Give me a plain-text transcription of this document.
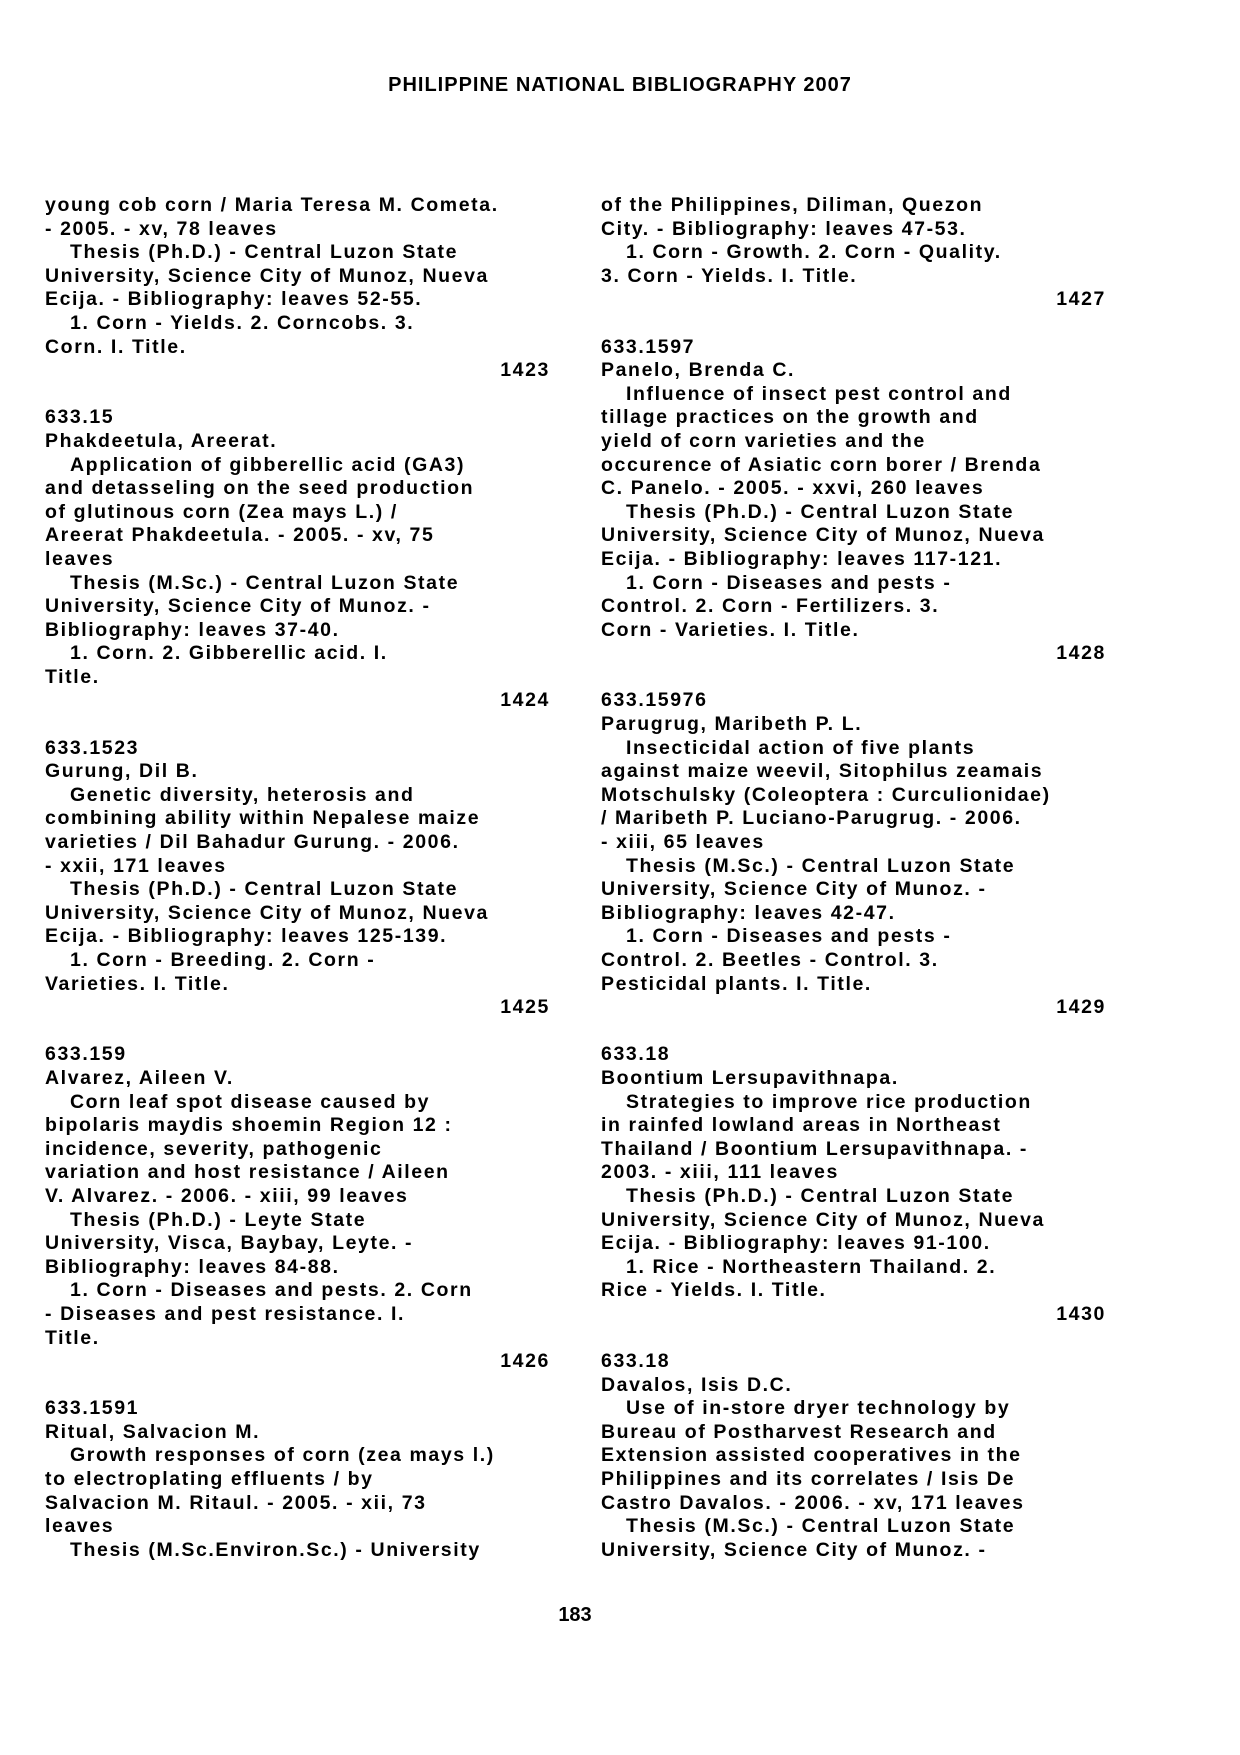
PHILIPPINE NATIONAL BIBLIOGRAPHY 2007
young cob corn / Maria Teresa M. Cometa.
- 2005. - xv, 78 leaves
Thesis (Ph.D.) - Central Luzon State
University, Science City of Munoz, Nueva
Ecija. - Bibliography: leaves 52-55.
1. Corn - Yields. 2. Corncobs. 3.
Corn. I. Title.
1423
633.15
Phakdeetula, Areerat.
Application of gibberellic acid (GA3)
and detasseling on the seed production
of glutinous corn (Zea mays L.) /
Areerat Phakdeetula. - 2005. - xv, 75
leaves
Thesis (M.Sc.) - Central Luzon State
University, Science City of Munoz. -
Bibliography: leaves 37-40.
1. Corn. 2. Gibberellic acid. I.
Title.
1424
633.1523
Gurung, Dil B.
Genetic diversity, heterosis and
combining ability within Nepalese maize
varieties / Dil Bahadur Gurung. - 2006.
- xxii, 171 leaves
Thesis (Ph.D.) - Central Luzon State
University, Science City of Munoz, Nueva
Ecija. - Bibliography: leaves 125-139.
1. Corn - Breeding. 2. Corn -
Varieties. I. Title.
1425
633.159
Alvarez, Aileen V.
Corn leaf spot disease caused by
bipolaris maydis shoemin Region 12 :
incidence, severity, pathogenic
variation and host resistance / Aileen
V. Alvarez. - 2006. - xiii, 99 leaves
Thesis (Ph.D.) - Leyte State
University, Visca, Baybay, Leyte. -
Bibliography: leaves 84-88.
1. Corn - Diseases and pests. 2. Corn
- Diseases and pest resistance. I.
Title.
1426
633.1591
Ritual, Salvacion M.
Growth responses of corn (zea mays l.)
to electroplating effluents / by
Salvacion M. Ritaul. - 2005. - xii, 73
leaves
Thesis (M.Sc.Environ.Sc.) - University
of the Philippines, Diliman, Quezon
City. - Bibliography: leaves 47-53.
1. Corn - Growth. 2. Corn - Quality.
3. Corn - Yields. I. Title.
1427
633.1597
Panelo, Brenda C.
Influence of insect pest control and
tillage practices on the growth and
yield of corn varieties and the
occurence of Asiatic corn borer / Brenda
C. Panelo. - 2005. - xxvi, 260 leaves
Thesis (Ph.D.) - Central Luzon State
University, Science City of Munoz, Nueva
Ecija. - Bibliography: leaves 117-121.
1. Corn - Diseases and pests -
Control. 2. Corn - Fertilizers. 3.
Corn - Varieties. I. Title.
1428
633.15976
Parugrug, Maribeth P. L.
Insecticidal action of five plants
against maize weevil, Sitophilus zeamais
Motschulsky (Coleoptera : Curculionidae)
/ Maribeth P. Luciano-Parugrug. - 2006.
- xiii, 65 leaves
Thesis (M.Sc.) - Central Luzon State
University, Science City of Munoz. -
Bibliography: leaves 42-47.
1. Corn - Diseases and pests -
Control. 2. Beetles - Control. 3.
Pesticidal plants. I. Title.
1429
633.18
Boontium Lersupavithnapa.
Strategies to improve rice production
in rainfed lowland areas in Northeast
Thailand / Boontium Lersupavithnapa. -
2003. - xiii, 111 leaves
Thesis (Ph.D.) - Central Luzon State
University, Science City of Munoz, Nueva
Ecija. - Bibliography: leaves 91-100.
1. Rice - Northeastern Thailand. 2.
Rice - Yields. I. Title.
1430
633.18
Davalos, Isis D.C.
Use of in-store dryer technology by
Bureau of Postharvest Research and
Extension assisted cooperatives in the
Philippines and its correlates / Isis De
Castro Davalos. - 2006. - xv, 171 leaves
Thesis (M.Sc.) - Central Luzon State
University, Science City of Munoz. -
183
